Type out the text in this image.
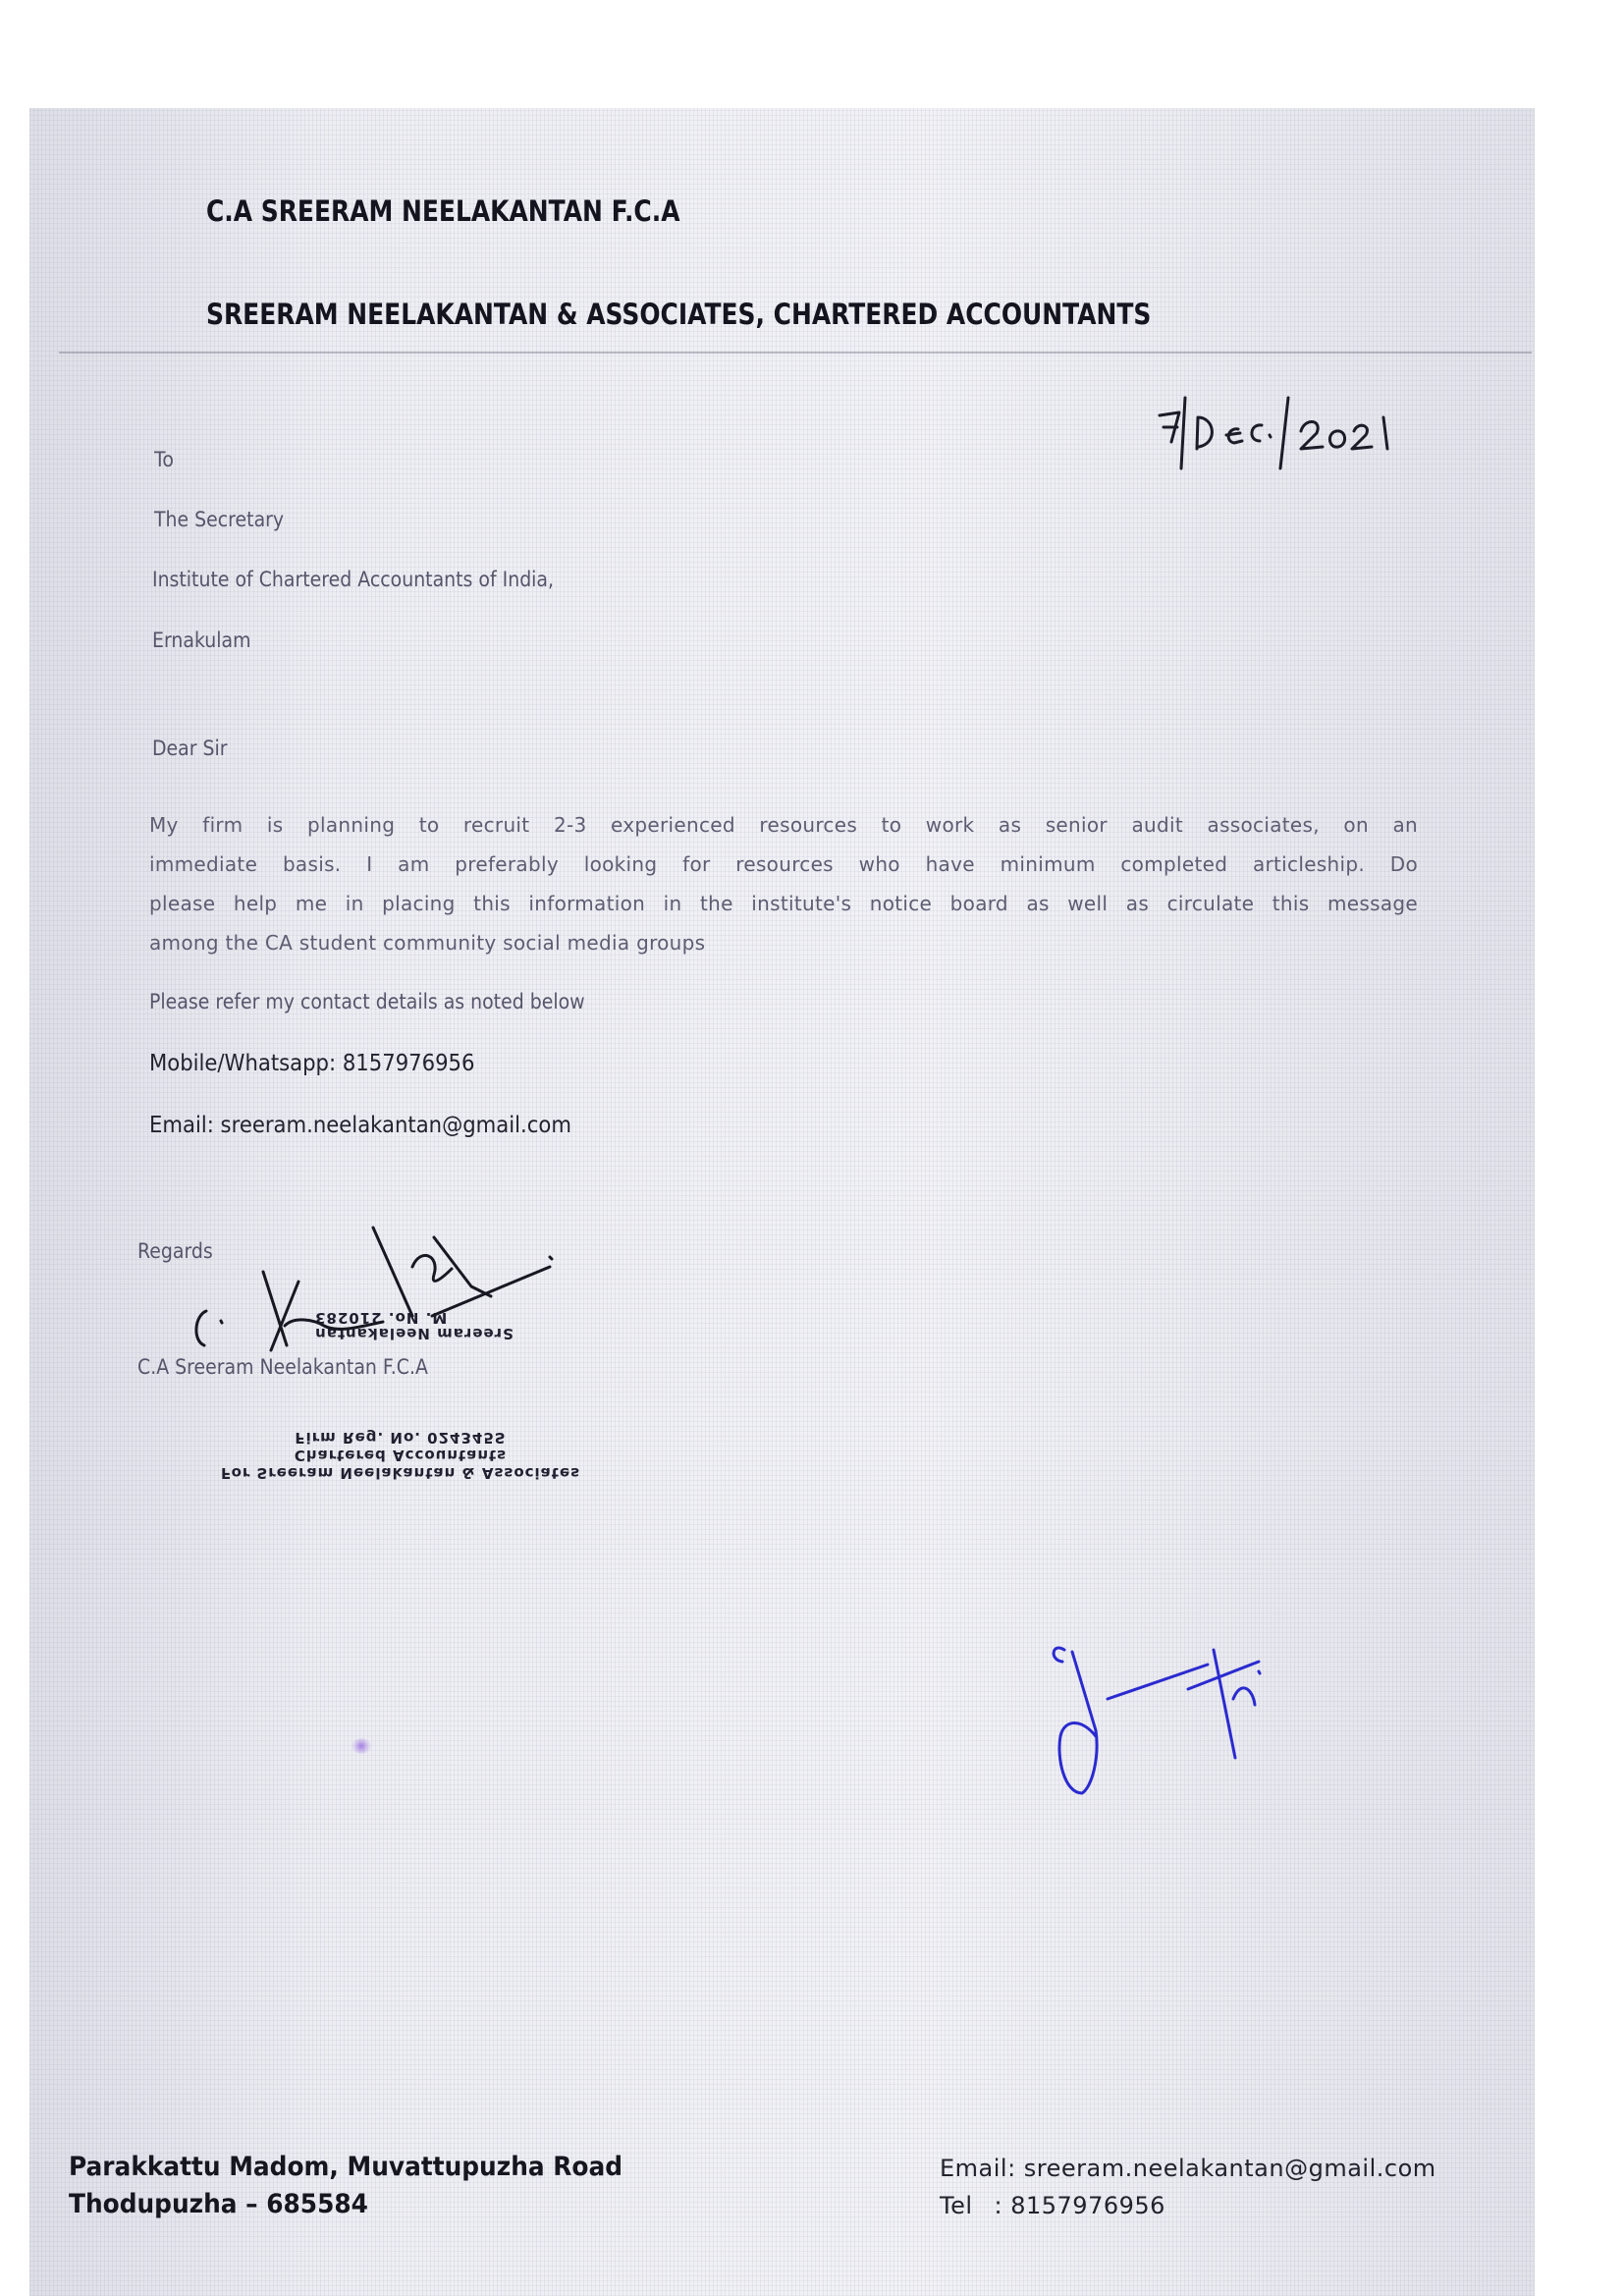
C.A SREERAM NEELAKANTAN F.C.A
SREERAM NEELAKANTAN & ASSOCIATES, CHARTERED ACCOUNTANTS
To
The Secretary
Institute of Chartered Accountants of India,
Ernakulam
Dear Sir
My firm is planning to recruit 2-3 experienced resources to work as senior audit associates, on an
immediate basis. I am preferably looking for resources who have minimum completed articleship. Do
please help me in placing this information in the institute's notice board as well as circulate this message
among the CA student community social media groups
Please refer my contact details as noted below
Mobile/Whatsapp: 8157976956
Email: sreeram.neelakantan@gmail.com
Regards
Sreeram Neelakantan
M. No. 210283
C.A Sreeram Neelakantan F.C.A
For Sreeram Neelakantan & Associates
Chartered Accountants
Firm Reg. No. 024345S
Parakkattu Madom, Muvattupuzha Road
Thodupuzha – 685584
Email: sreeram.neelakantan@gmail.com
Tel : 8157976956
